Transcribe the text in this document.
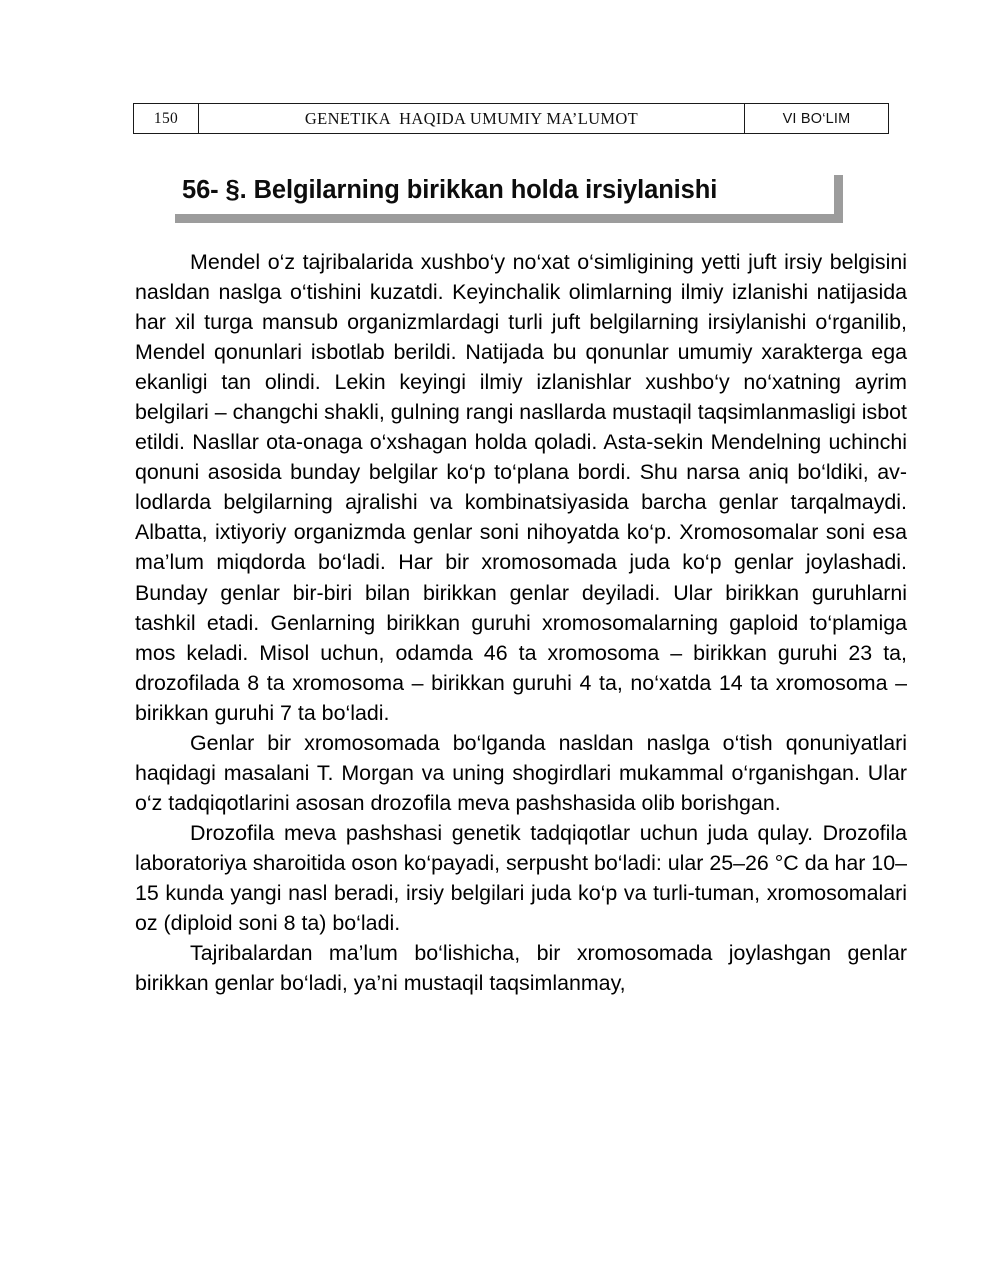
150	GENETIKA  HAQIDA UMUMIY MA’LUMOT	VI BO‘LIM
56- §. Belgilarning birikkan holda irsiylanishi

Mendel o‘z tajribalarida xushbo‘y no‘xat o‘simligining yetti juft irsiy belgisini nasldan naslga o‘tishini kuzatdi. Keyinchalik olimlarning ilmiy izlanishi natijasida har xil turga mansub organizmlardagi turli juft belgilarning irsiylanishi o‘rganilib, Mendel qonunlari isbotlab berildi. Natijada bu qonunlar umumiy xarakterga ega ekanligi tan olindi. Lekin keyingi ilmiy izlanishlar xushbo‘y no‘xatning ayrim belgilari – changchi shakli, gulning rangi nasllarda mustaqil taqsimlanmasligi isbot etildi. Nasllar ota-onaga o‘xshagan holda qoladi. Asta-sekin Mendelning uchinchi qonuni asosida bunday belgilar ko‘p to‘plana bordi. Shu narsa aniq bo‘ldiki, avlodlarda belgilarning ajralishi va kombinatsiyasida barcha genlar tarqalmaydi. Albatta, ixtiyoriy organizmda genlar soni nihoyatda ko‘p. Xromosomalar soni esa ma’lum miqdorda bo‘ladi. Har bir xromosomada juda ko‘p genlar joylashadi. Bunday genlar bir-biri bilan birikkan genlar deyiladi. Ular birikkan guruhlarni tashkil etadi. Genlarning birikkan guruhi xromosomalarning gaploid to‘plamiga mos keladi. Misol uchun, odamda 46 ta xromosoma – birikkan guruhi 23 ta, drozofilada 8 ta xromosoma – birikkan guruhi 4 ta, no‘xatda 14 ta xromosoma – birikkan guruhi 7 ta bo‘ladi.

Genlar bir xromosomada bo‘lganda nasldan naslga o‘tish qonuniyatlari haqidagi masalani T. Morgan va uning shogirdlari mukammal o‘rganishgan. Ular o‘z tadqiqotlarini asosan drozofila meva pashshasida olib borishgan.

Drozofila meva pashshasi genetik tadqiqotlar uchun juda qulay. Drozofila laboratoriya sharoitida oson ko‘payadi, serpusht bo‘ladi: ular 25–26 °C da har 10–15 kunda yangi nasl beradi, irsiy belgilari juda ko‘p va turli-tuman, xromosomalari oz (diploid soni 8 ta) bo‘ladi.

Tajribalardan ma’lum bo‘lishicha, bir xromosomada joylashgan genlar birikkan genlar bo‘ladi, ya’ni mustaqil taqsimlanmay,
